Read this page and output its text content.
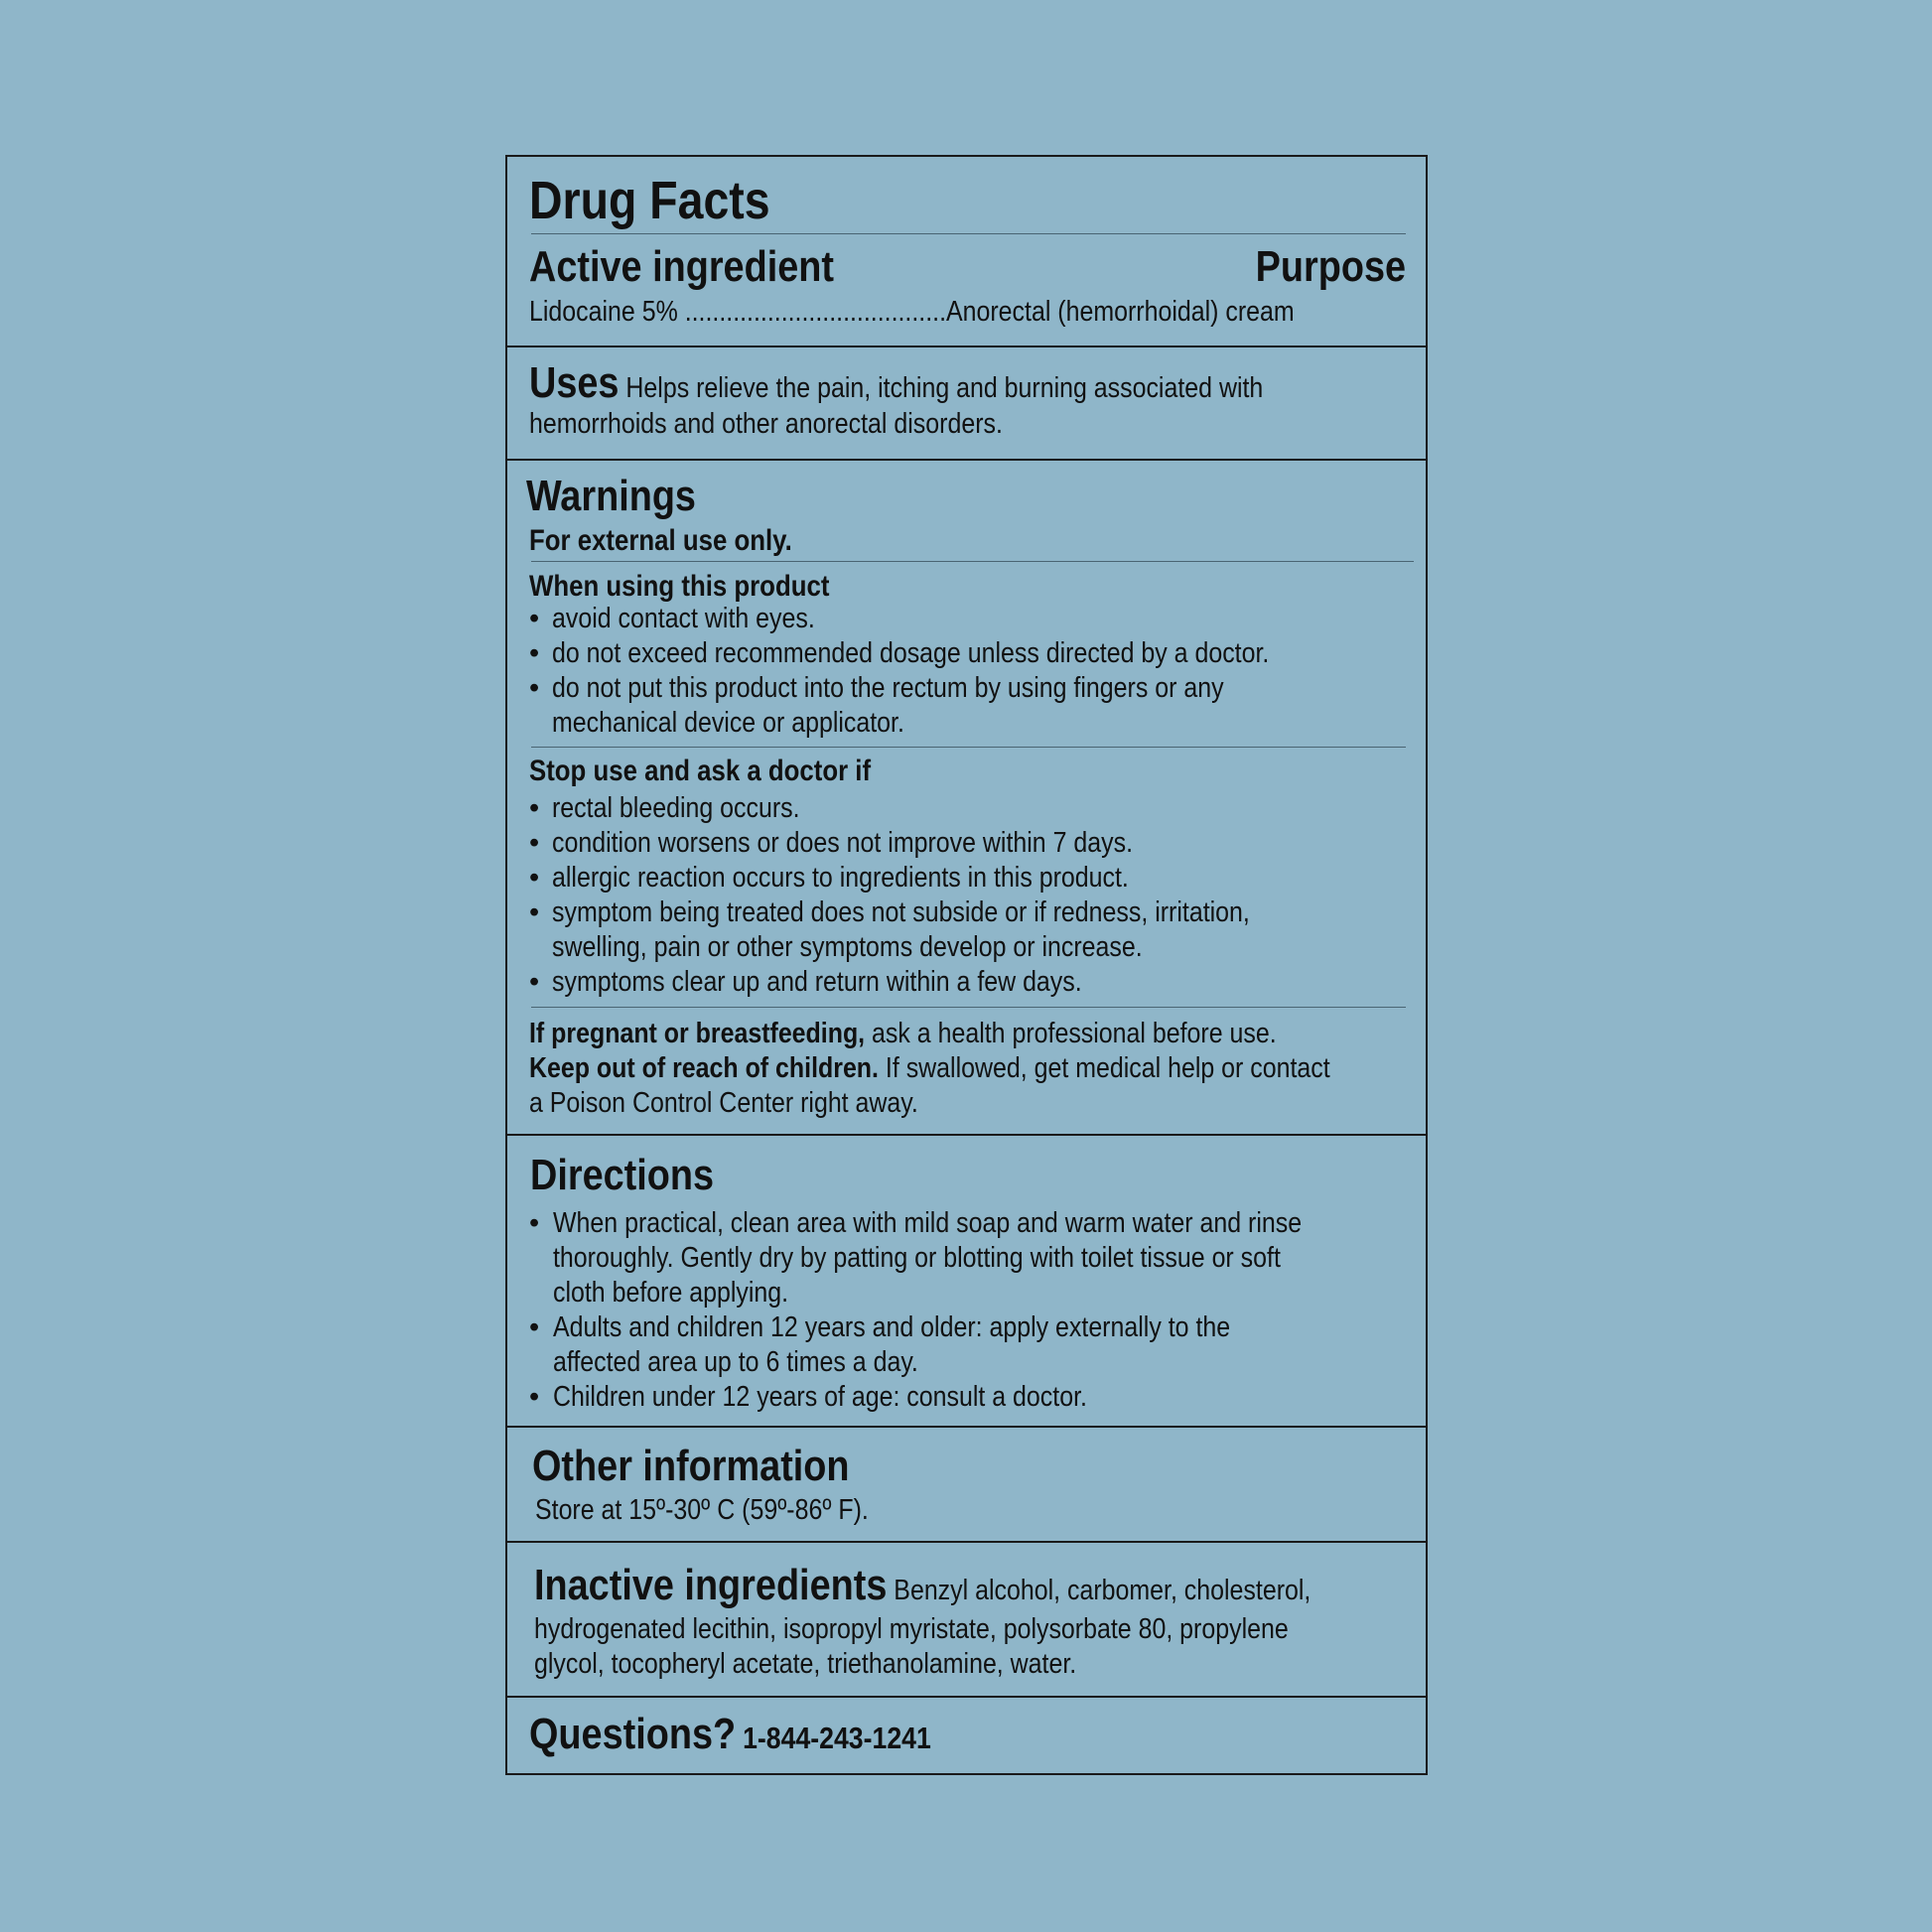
Drug Facts
Active ingredient	Purpose
Lidocaine 5% ......................................Anorectal (hemorrhoidal) cream
Uses Helps relieve the pain, itching and burning associated with
hemorrhoids and other anorectal disorders.
Warnings
For external use only.
When using this product
• avoid contact with eyes.
• do not exceed recommended dosage unless directed by a doctor.
• do not put this product into the rectum by using fingers or any
mechanical device or applicator.
Stop use and ask a doctor if
• rectal bleeding occurs.
• condition worsens or does not improve within 7 days.
• allergic reaction occurs to ingredients in this product.
• symptom being treated does not subside or if redness, irritation,
swelling, pain or other symptoms develop or increase.
• symptoms clear up and return within a few days.
If pregnant or breastfeeding, ask a health professional before use.
Keep out of reach of children. If swallowed, get medical help or contact
a Poison Control Center right away.
Directions
• When practical, clean area with mild soap and warm water and rinse
thoroughly. Gently dry by patting or blotting with toilet tissue or soft
cloth before applying.
• Adults and children 12 years and older: apply externally to the
affected area up to 6 times a day.
• Children under 12 years of age: consult a doctor.
Other information
Store at 15º-30º C (59º-86º F).
Inactive ingredients Benzyl alcohol, carbomer, cholesterol,
hydrogenated lecithin, isopropyl myristate, polysorbate 80, propylene
glycol, tocopheryl acetate, triethanolamine, water.
Questions? 1-844-243-1241
